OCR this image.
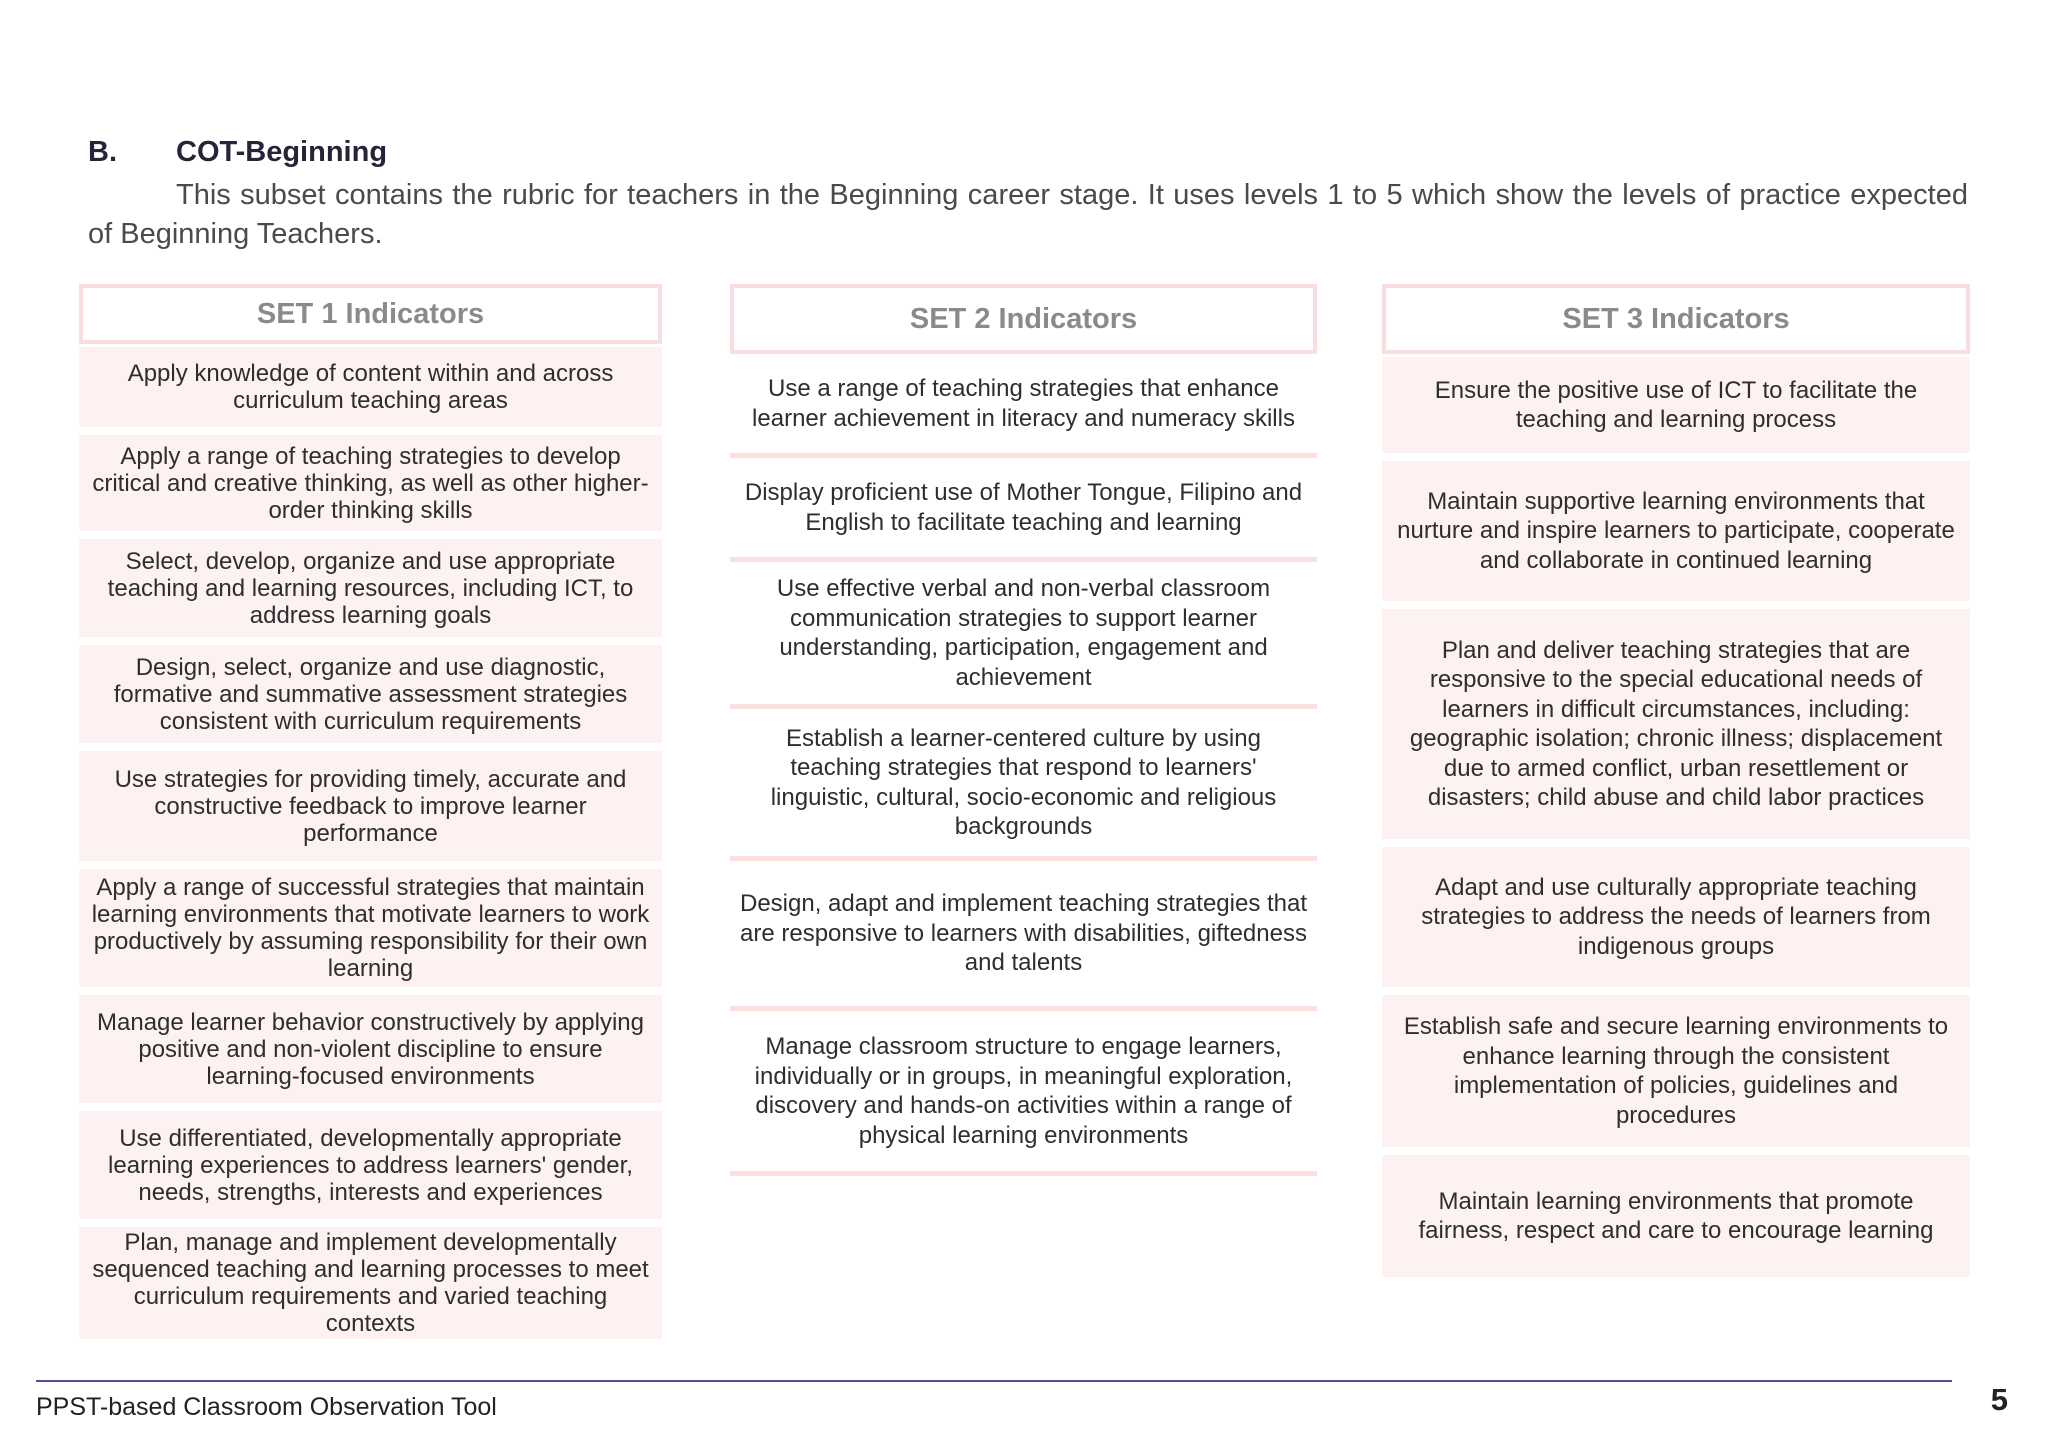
B. COT-Beginning
This subset contains the rubric for teachers in the Beginning career stage. It uses levels 1 to 5 which show the levels of practice expected of Beginning Teachers.
SET 1 Indicators
Apply knowledge of content within and across curriculum teaching areas
Apply a range of teaching strategies to develop critical and creative thinking, as well as other higher-order thinking skills
Select, develop, organize and use appropriate teaching and learning resources, including ICT, to address learning goals
Design, select, organize and use diagnostic, formative and summative assessment strategies consistent with curriculum requirements
Use strategies for providing timely, accurate and constructive feedback to improve learner performance
Apply a range of successful strategies that maintain learning environments that motivate learners to work productively by assuming responsibility for their own learning
Manage learner behavior constructively by applying positive and non-violent discipline to ensure learning-focused environments
Use differentiated, developmentally appropriate learning experiences to address learners' gender, needs, strengths, interests and experiences
Plan, manage and implement developmentally sequenced teaching and learning processes to meet curriculum requirements and varied teaching contexts
SET 2 Indicators
Use a range of teaching strategies that enhance learner achievement in literacy and numeracy skills
Display proficient use of Mother Tongue, Filipino and English to facilitate teaching and learning
Use effective verbal and non-verbal classroom communication strategies to support learner understanding, participation, engagement and achievement
Establish a learner-centered culture by using teaching strategies that respond to learners' linguistic, cultural, socio-economic and religious backgrounds
Design, adapt and implement teaching strategies that are responsive to learners with disabilities, giftedness and talents
Manage classroom structure to engage learners, individually or in groups, in meaningful exploration, discovery and hands-on activities within a range of physical learning environments
SET 3 Indicators
Ensure the positive use of ICT to facilitate the teaching and learning process
Maintain supportive learning environments that nurture and inspire learners to participate, cooperate and collaborate in continued learning
Plan and deliver teaching strategies that are responsive to the special educational needs of learners in difficult circumstances, including: geographic isolation; chronic illness; displacement due to armed conflict, urban resettlement or disasters; child abuse and child labor practices
Adapt and use culturally appropriate teaching strategies to address the needs of learners from indigenous groups
Establish safe and secure learning environments to enhance learning through the consistent implementation of policies, guidelines and procedures
Maintain learning environments that promote fairness, respect and care to encourage learning
PPST-based Classroom Observation Tool	5
